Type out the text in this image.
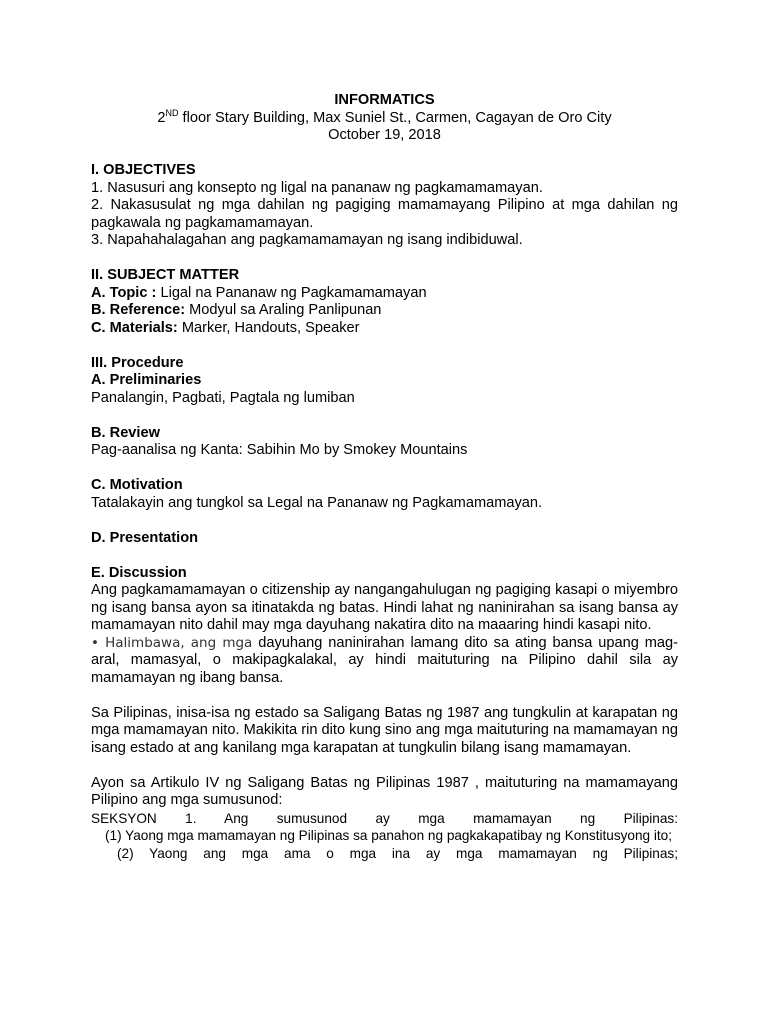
INFORMATICS

2ND floor Stary Building, Max Suniel St., Carmen, Cagayan de Oro City

October 19, 2018

I. OBJECTIVES

1. Nasusuri ang konsepto ng ligal na pananaw ng pagkamamamayan.

2. Nakasusulat ng mga dahilan ng pagiging mamamayang Pilipino at mga dahilan ng pagkawala ng pagkamamamayan.

3. Napahahalagahan ang pagkamamamayan ng isang indibiduwal.

II. SUBJECT MATTER

A. Topic : Ligal na Pananaw ng Pagkamamamayan

B. Reference: Modyul sa Araling Panlipunan

C. Materials: Marker, Handouts, Speaker

III. Procedure

A. Preliminaries

Panalangin, Pagbati, Pagtala ng lumiban

B. Review

Pag-aanalisa ng Kanta: Sabihin Mo by Smokey Mountains

C. Motivation

Tatalakayin ang tungkol sa Legal na Pananaw ng Pagkamamamayan.

D. Presentation

E. Discussion

Ang pagkamamamayan o citizenship ay nangangahulugan ng pagiging kasapi o miyembro ng isang bansa ayon sa itinatakda ng batas. Hindi lahat ng naninirahan sa isang bansa ay mamamayan nito dahil may mga dayuhang nakatira dito na maaaring hindi kasapi nito.

• Halimbawa, ang mga dayuhang naninirahan lamang dito sa ating bansa upang mag-aral, mamasyal, o makipagkalakal, ay hindi maituturing na Pilipino dahil sila ay mamamayan ng ibang bansa.

Sa Pilipinas, inisa-isa ng estado sa Saligang Batas ng 1987 ang tungkulin at karapatan ng mga mamamayan nito. Makikita rin dito kung sino ang mga maituturing na mamamayan ng isang estado at ang kanilang mga karapatan at tungkulin bilang isang mamamayan.

Ayon sa Artikulo IV ng Saligang Batas ng Pilipinas 1987 , maituturing na mamamayang Pilipino ang mga sumusunod:

SEKSYON 1. Ang sumusunod ay mga mamamayan ng Pilipinas:

(1) Yaong mga mamamayan ng Pilipinas sa panahon ng pagkakapatibay ng Konstitusyong ito;

(2) Yaong ang mga ama o mga ina ay mga mamamayan ng Pilipinas;
